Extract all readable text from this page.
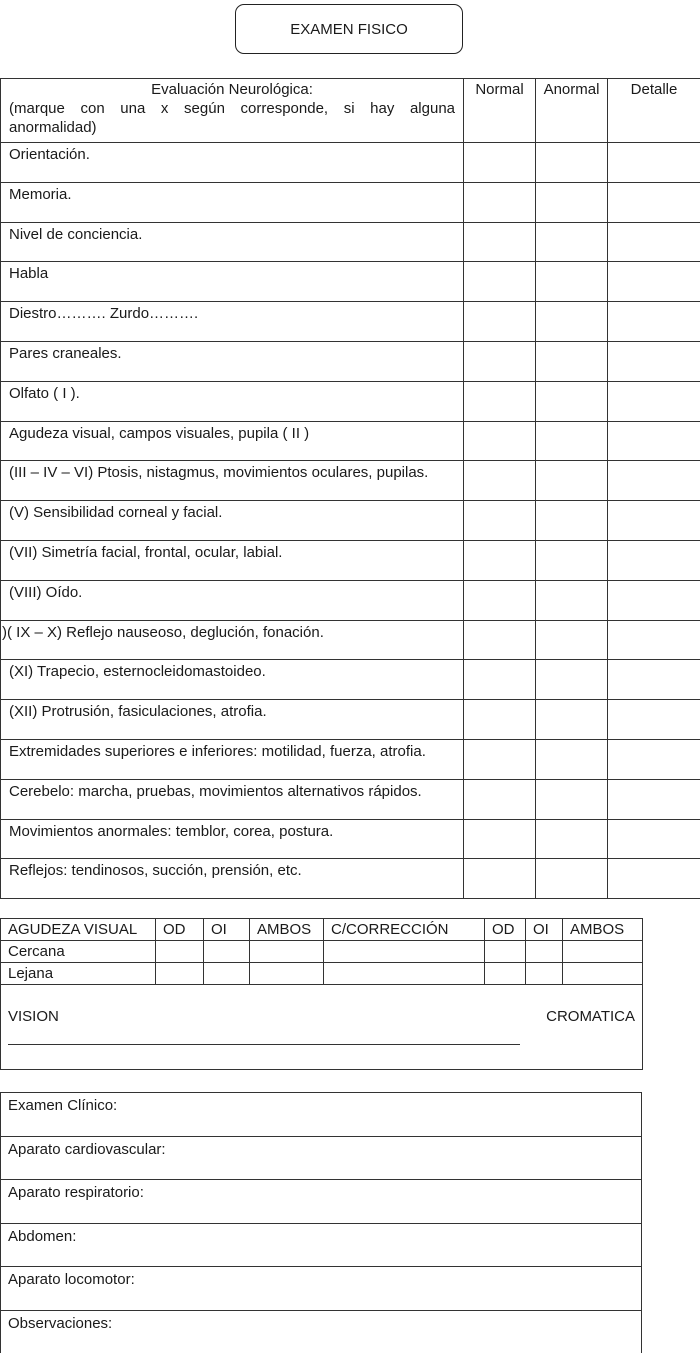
EXAMEN FISICO
Evaluación Neurológica:
(marque con una x según corresponde, si hay alguna
anormalidad)	Normal	Anormal	Detalle
Orientación.			
Memoria.			
Nivel de conciencia.			
Habla			
Diestro………. Zurdo……….			
Pares craneales.			
Olfato ( I ).			
Agudeza visual, campos visuales, pupila ( II )			
(III – IV – VI) Ptosis, nistagmus, movimientos oculares, pupilas.			
(V) Sensibilidad corneal y facial.			
(VII) Simetría facial, frontal, ocular, labial.			
(VIII) Oído.			
)( IX – X) Reflejo nauseoso, deglución, fonación.			
(XI) Trapecio, esternocleidomastoideo.			
(XII) Protrusión, fasiculaciones, atrofia.			
Extremidades superiores e inferiores: motilidad, fuerza, atrofia.			
Cerebelo: marcha, pruebas, movimientos alternativos rápidos.			
Movimientos anormales: temblor, corea, postura.			
Reflejos: tendinosos, succión, prensión, etc.			
AGUDEZA VISUAL	OD	OI	AMBOS	C/CORRECCIÓN	OD	OI	AMBOS
Cercana							
Lejana							

VISION CROMATICA							
Examen Clínico:
Aparato cardiovascular:
Aparato respiratorio:
Abdomen:
Aparato locomotor:
Observaciones:
